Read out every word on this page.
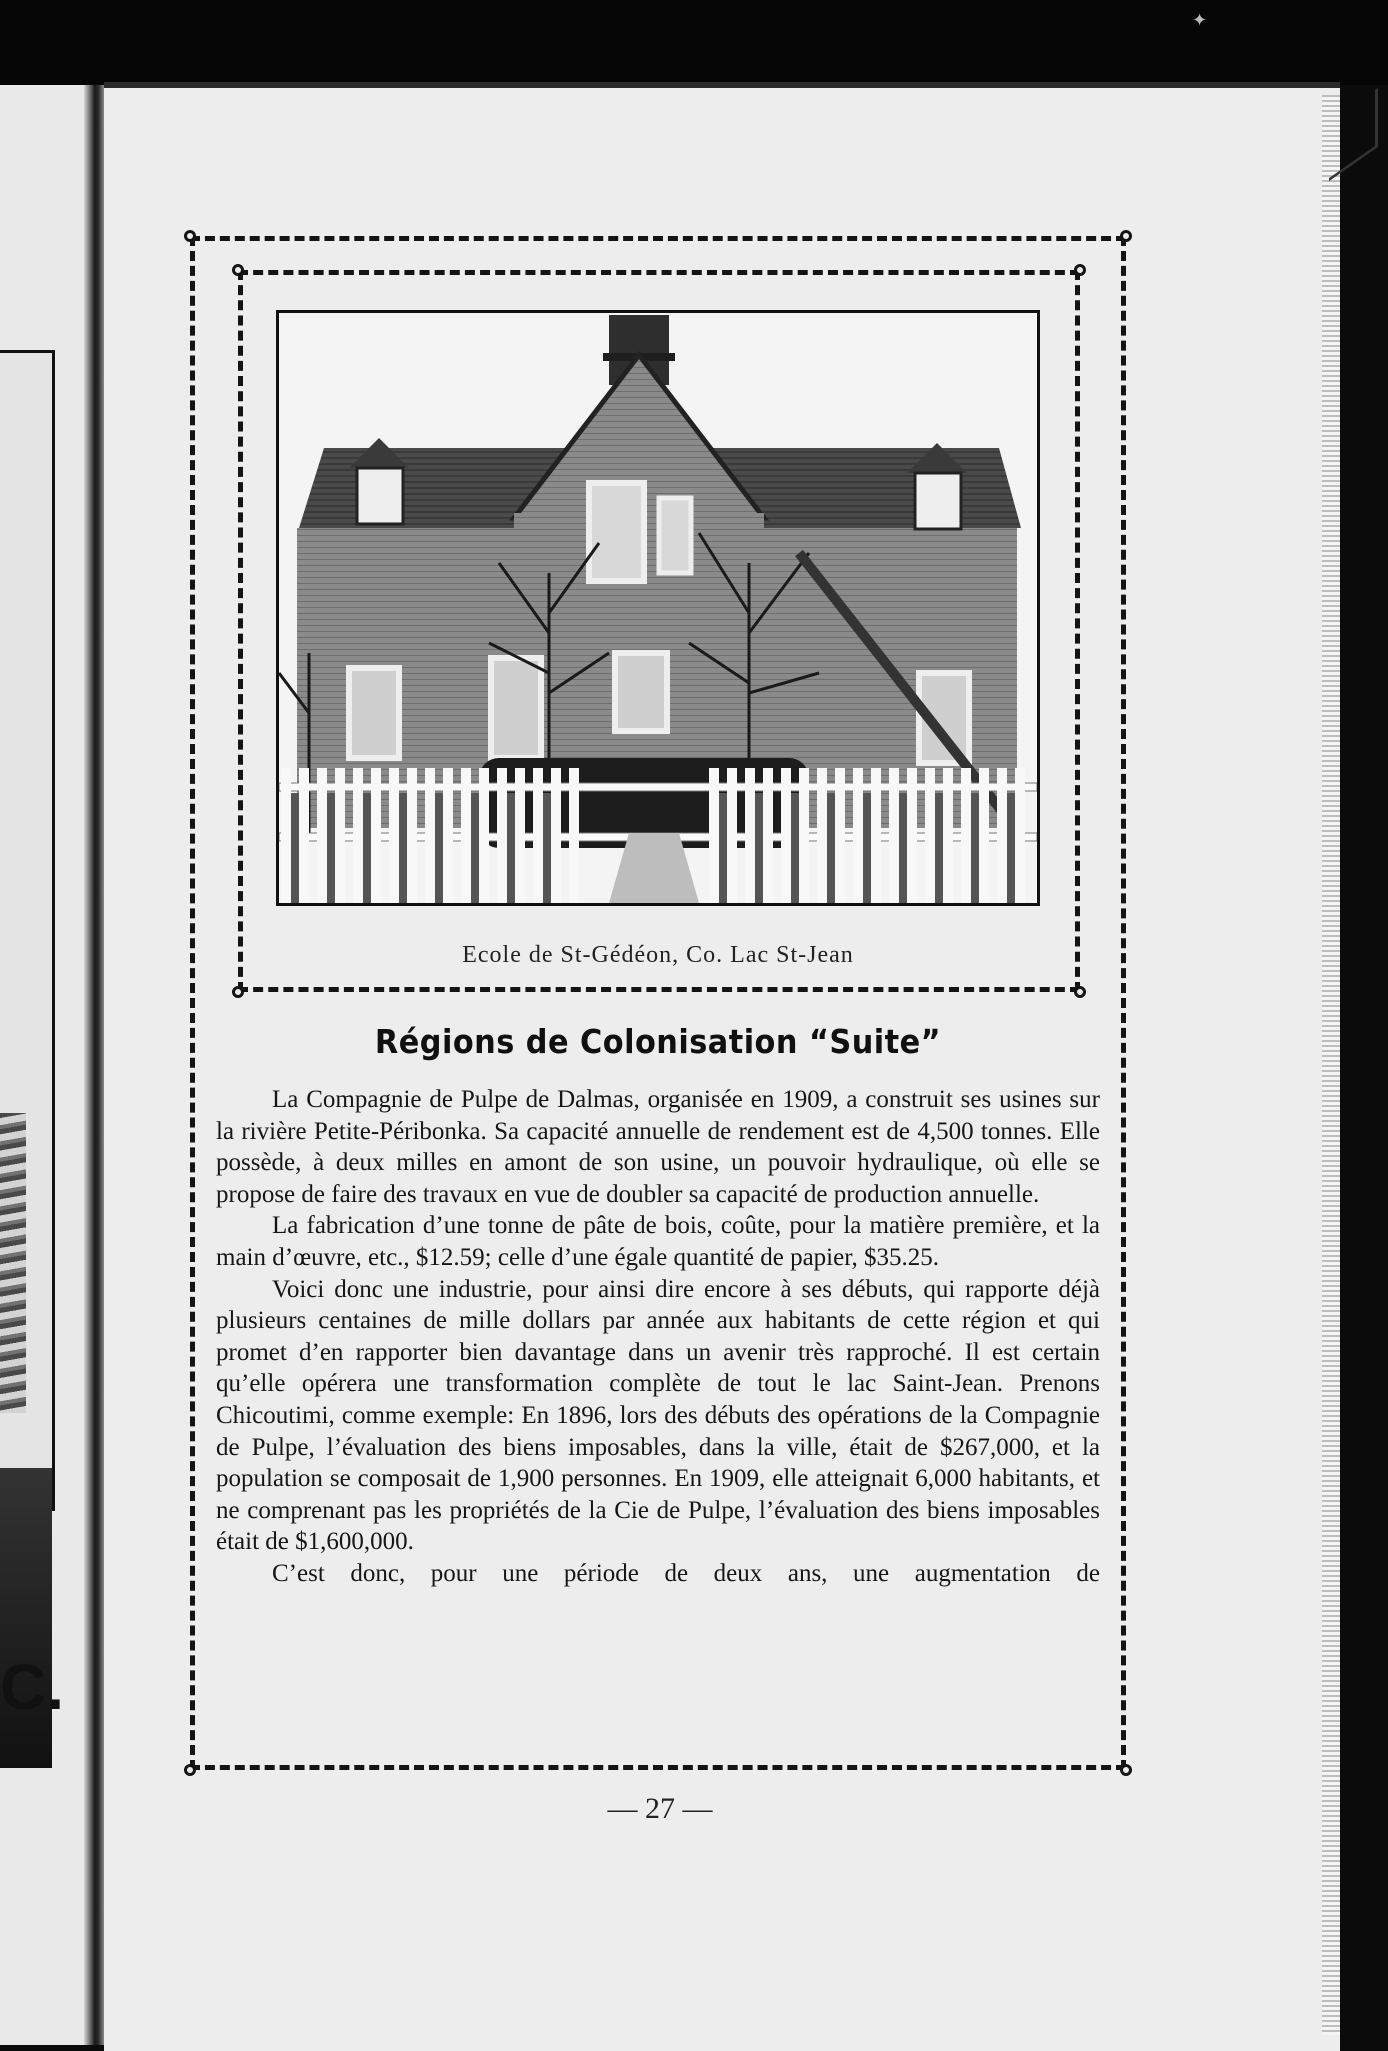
✦
C.
Ecole de St-Gédéon, Co. Lac St-Jean
Régions de Colonisation “Suite”

La Compagnie de Pulpe de Dalmas, organisée en 1909, a construit ses usines sur la rivière Petite-Péribonka. Sa capacité annuelle de rendement est de 4,500 tonnes. Elle possède, à deux milles en amont de son usine, un pouvoir hydraulique, où elle se propose de faire des travaux en vue de doubler sa capacité de production annuelle.

La fabrication d’une tonne de pâte de bois, coûte, pour la matière première, et la main d’œuvre, etc., $12.59; celle d’une égale quantité de papier, $35.25.

Voici donc une industrie, pour ainsi dire encore à ses débuts, qui rapporte déjà plusieurs centaines de mille dollars par année aux habitants de cette région et qui promet d’en rapporter bien davantage dans un avenir très rapproché. Il est certain qu’elle opérera une transformation complète de tout le lac Saint-Jean. Prenons Chicoutimi, comme exemple: En 1896, lors des débuts des opérations de la Compagnie de Pulpe, l’évaluation des biens imposables, dans la ville, était de $267,000, et la population se composait de 1,900 personnes. En 1909, elle atteignait 6,000 habitants, et ne comprenant pas les propriétés de la Cie de Pulpe, l’évaluation des biens imposables était de $1,600,000.

C’est donc, pour une période de deux ans, une augmentation de

— 27 —
